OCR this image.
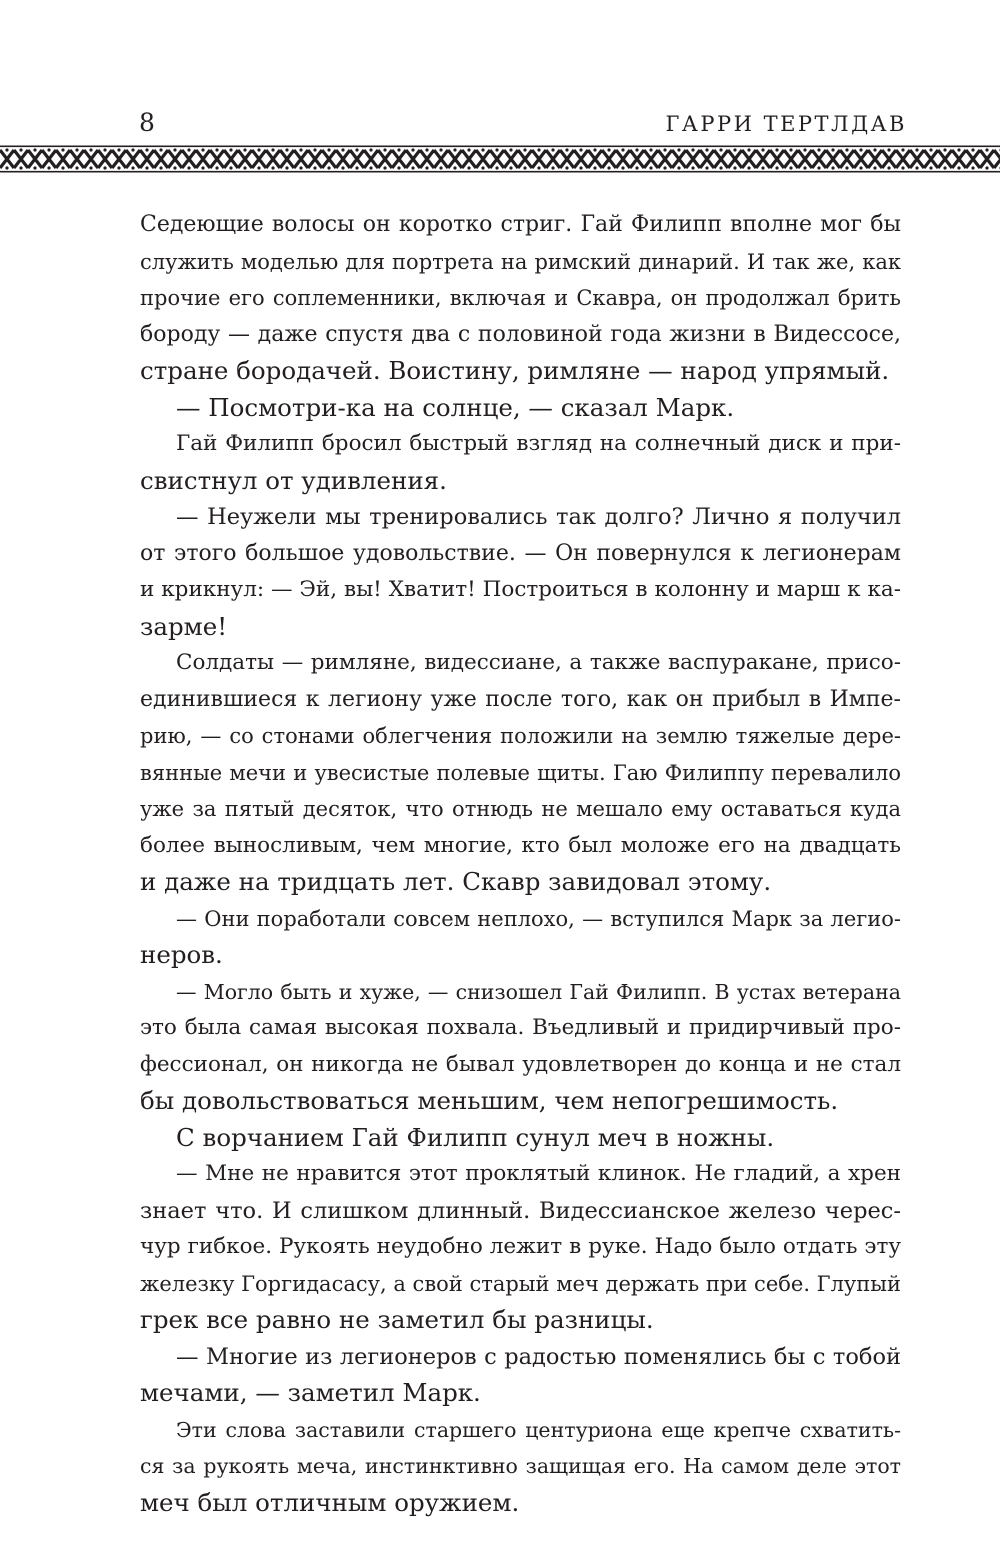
8	ГАРРИ ТЕРТЛДАВ
Седеющие волосы он коротко стриг. Гай Филипп вполне мог бы
служить моделью для портрета на римский динарий. И так же, как
прочие его соплеменники, включая и Скавра, он продолжал брить
бороду — даже спустя два с половиной года жизни в Видессосе,
стране бородачей. Воистину, римляне — народ упрямый.
— Посмотри-ка на солнце, — сказал Марк.
Гай Филипп бросил быстрый взгляд на солнечный диск и при-
свистнул от удивления.
— Неужели мы тренировались так долго? Лично я получил
от этого большое удовольствие. — Он повернулся к легионерам
и крикнул: — Эй, вы! Хватит! Построиться в колонну и марш к ка-
зарме!
Солдаты — римляне, видессиане, а также васпуракане, присо-
единившиеся к легиону уже после того, как он прибыл в Импе-
рию, — со стонами облегчения положили на землю тяжелые дере-
вянные мечи и увесистые полевые щиты. Гаю Филиппу перевалило
уже за пятый десяток, что отнюдь не мешало ему оставаться куда
более выносливым, чем многие, кто был моложе его на двадцать
и даже на тридцать лет. Скавр завидовал этому.
— Они поработали совсем неплохо, — вступился Марк за легио-
неров.
— Могло быть и хуже, — снизошел Гай Филипп. В устах ветерана
это была самая высокая похвала. Въедливый и придирчивый про-
фессионал, он никогда не бывал удовлетворен до конца и не стал
бы довольствоваться меньшим, чем непогрешимость.
С ворчанием Гай Филипп сунул меч в ножны.
— Мне не нравится этот проклятый клинок. Не гладий, а хрен
знает что. И слишком длинный. Видессианское железо черес-
чур гибкое. Рукоять неудобно лежит в руке. Надо было отдать эту
железку Горгидасасу, а свой старый меч держать при себе. Глупый
грек все равно не заметил бы разницы.
— Многие из легионеров с радостью поменялись бы с тобой
мечами, — заметил Марк.
Эти слова заставили старшего центуриона еще крепче схватить-
ся за рукоять меча, инстинктивно защищая его. На самом деле этот
меч был отличным оружием.
